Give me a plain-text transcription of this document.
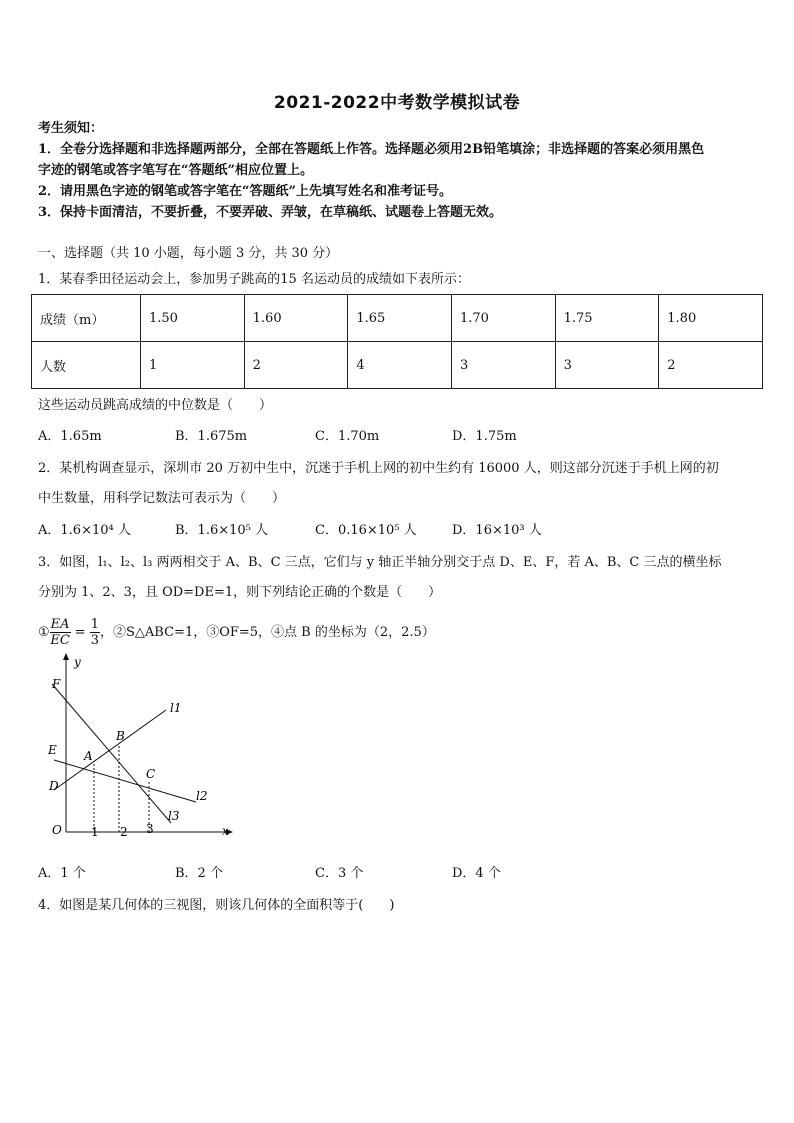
2021-2022中考数学模拟试卷
考生须知：
1．全卷分选择题和非选择题两部分，全部在答题纸上作答。选择题必须用2B铅笔填涂；非选择题的答案必须用黑色
字迹的钢笔或答字笔写在“答题纸”相应位置上。
2．请用黑色字迹的钢笔或答字笔在“答题纸”上先填写姓名和准考证号。
3．保持卡面清洁，不要折叠，不要弄破、弄皱，在草稿纸、试题卷上答题无效。
一、选择题（共 10 小题，每小题 3 分，共 30 分）
1．某春季田径运动会上，参加男子跳高的15 名运动员的成绩如下表所示：
成绩（m）	1.50	1.60	1.65	1.70	1.75	1.80
人数	1	2	4	3	3	2
这些运动员跳高成绩的中位数是（　　）
A．1.65m	B．1.675m	C．1.70m	D．1.75m
2．某机构调查显示，深圳市 20 万初中生中，沉迷于手机上网的初中生约有 16000 人，则这部分沉迷于手机上网的初
中生数量，用科学记数法可表示为（　　）
A．1.6×10⁴ 人	B．1.6×10⁵ 人	C．0.16×10⁵ 人	D．16×10³ 人
3．如图，l₁、l₂、l₃ 两两相交于 A、B、C 三点，它们与 y 轴正半轴分别交于点 D、E、F，若 A、B、C 三点的横坐标
分别为 1、2、3，且 OD=DE=1，则下列结论正确的个数是（　　）
① $\frac{EA}{EC} = \frac{1}{3}$ ，②S△ABC=1，③OF=5，④点 B 的坐标为（2，2.5）
y
x
O
F
E
D
A
B
C
l1
l2
l3
1 2 3
A．1 个	B．2 个	C．3 个	D．4 个
4．如图是某几何体的三视图，则该几何体的全面积等于(　　)
